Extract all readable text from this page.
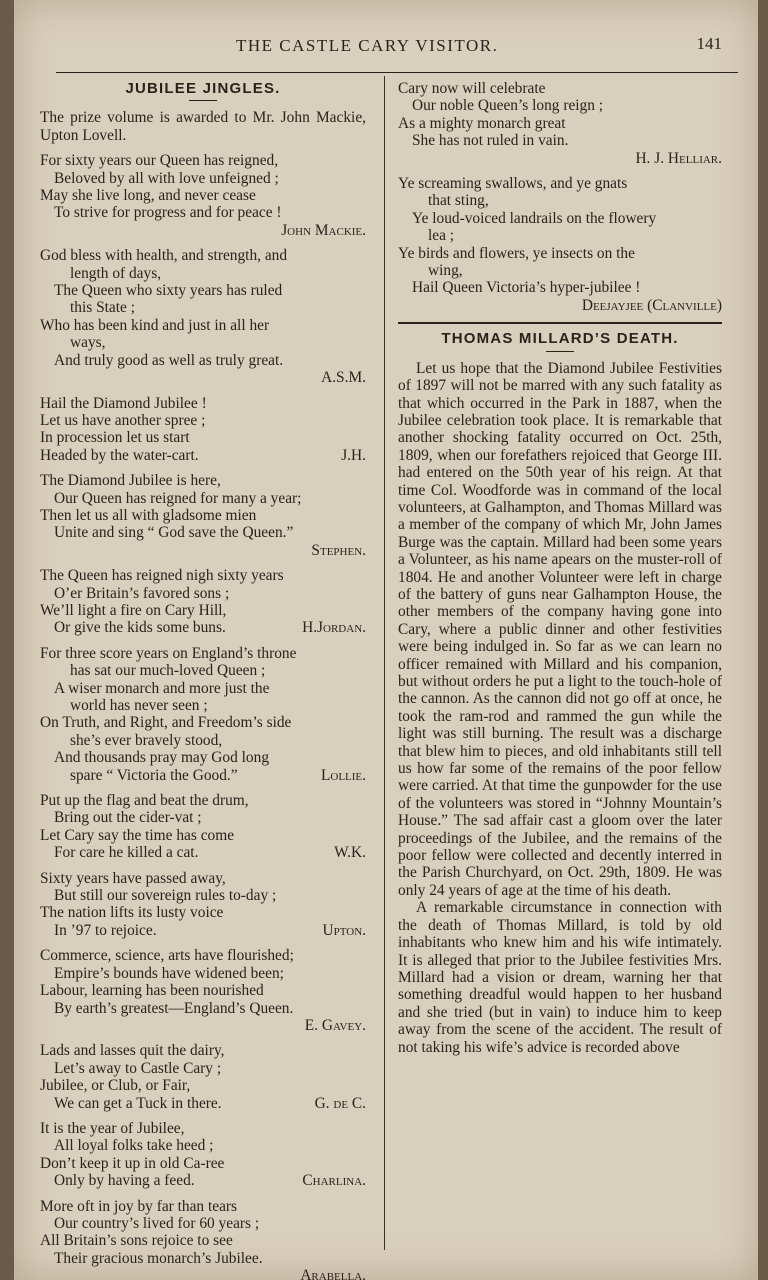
THE CASTLE CARY VISITOR.	141
JUBILEE JINGLES.
The prize volume is awarded to Mr. John Mackie, Upton Lovell.
For sixty years our Queen has reigned,
Beloved by all with love unfeigned ;
May she live long, and never cease
To strive for progress and for peace !
John Mackie.
God bless with health, and strength, and
length of days,
The Queen who sixty years has ruled
this State ;
Who has been kind and just in all her
ways,
And truly good as well as truly great.
A.S.M.
Hail the Diamond Jubilee !
Let us have another spree ;
In procession let us start
Headed by the water-cart.	J.H.
The Diamond Jubilee is here,
Our Queen has reigned for many a year;
Then let us all with gladsome mien
Unite and sing “ God save the Queen.”
Stephen.
The Queen has reigned nigh sixty years
O’er Britain’s favored sons ;
We’ll light a fire on Cary Hill,
Or give the kids some buns.	H.Jordan.
For three score years on England’s throne
has sat our much-loved Queen ;
A wiser monarch and more just the
world has never seen ;
On Truth, and Right, and Freedom’s side
she’s ever bravely stood,
And thousands pray may God long
spare “ Victoria the Good.”	Lollie.
Put up the flag and beat the drum,
Bring out the cider-vat ;
Let Cary say the time has come
For care he killed a cat.	W.K.
Sixty years have passed away,
But still our sovereign rules to-day ;
The nation lifts its lusty voice
In ’97 to rejoice.	Upton.
Commerce, science, arts have flourished;
Empire’s bounds have widened been;
Labour, learning has been nourished
By earth’s greatest—England’s Queen.
E. Gavey.
Lads and lasses quit the dairy,
Let’s away to Castle Cary ;
Jubilee, or Club, or Fair,
We can get a Tuck in there.	G. de C.
It is the year of Jubilee,
All loyal folks take heed ;
Don’t keep it up in old Ca-ree
Only by having a feed.	Charlina.
More oft in joy by far than tears
Our country’s lived for 60 years ;
All Britain’s sons rejoice to see
Their gracious monarch’s Jubilee.
Arabella.
Cary now will celebrate
Our noble Queen’s long reign ;
As a mighty monarch great
She has not ruled in vain.
H. J. Helliar.
Ye screaming swallows, and ye gnats
that sting,
Ye loud-voiced landrails on the flowery
lea ;
Ye birds and flowers, ye insects on the
wing,
Hail Queen Victoria’s hyper-jubilee !
Deejayjee (Clanville)
THOMAS MILLARD’S DEATH.

Let us hope that the Diamond Jubilee Festivities of 1897 will not be marred with any such fatality as that which occurred in the Park in 1887, when the Jubilee celebration took place. It is remarkable that another shocking fatality occurred on Oct. 25th, 1809, when our forefathers rejoiced that George III. had entered on the 50th year of his reign. At that time Col. Woodforde was in command of the local volunteers, at Galhampton, and Thomas Millard was a member of the company of which Mr, John James Burge was the captain. Millard had been some years a Volunteer, as his name apears on the muster-roll of 1804. He and another Volunteer were left in charge of the battery of guns near Galhampton House, the other members of the company having gone into Cary, where a public dinner and other festivities were being indulged in. So far as we can learn no officer remained with Millard and his companion, but without orders he put a light to the touch-hole of the cannon. As the cannon did not go off at once, he took the ram-rod and rammed the gun while the light was still burning. The result was a discharge that blew him to pieces, and old inhabitants still tell us how far some of the remains of the poor fellow were carried. At that time the gunpowder for the use of the volunteers was stored in “Johnny Mountain’s House.” The sad affair cast a gloom over the later proceedings of the Jubilee, and the remains of the poor fellow were collected and decently interred in the Parish Churchyard, on Oct. 29th, 1809. He was only 24 years of age at the time of his death.

A remarkable circumstance in connection with the death of Thomas Millard, is told by old inhabitants who knew him and his wife intimately. It is alleged that prior to the Jubilee festivities Mrs. Millard had a vision or dream, warning her that something dreadful would happen to her husband and she tried (but in vain) to induce him to keep away from the scene of the accident. The result of not taking his wife’s advice is recorded above
